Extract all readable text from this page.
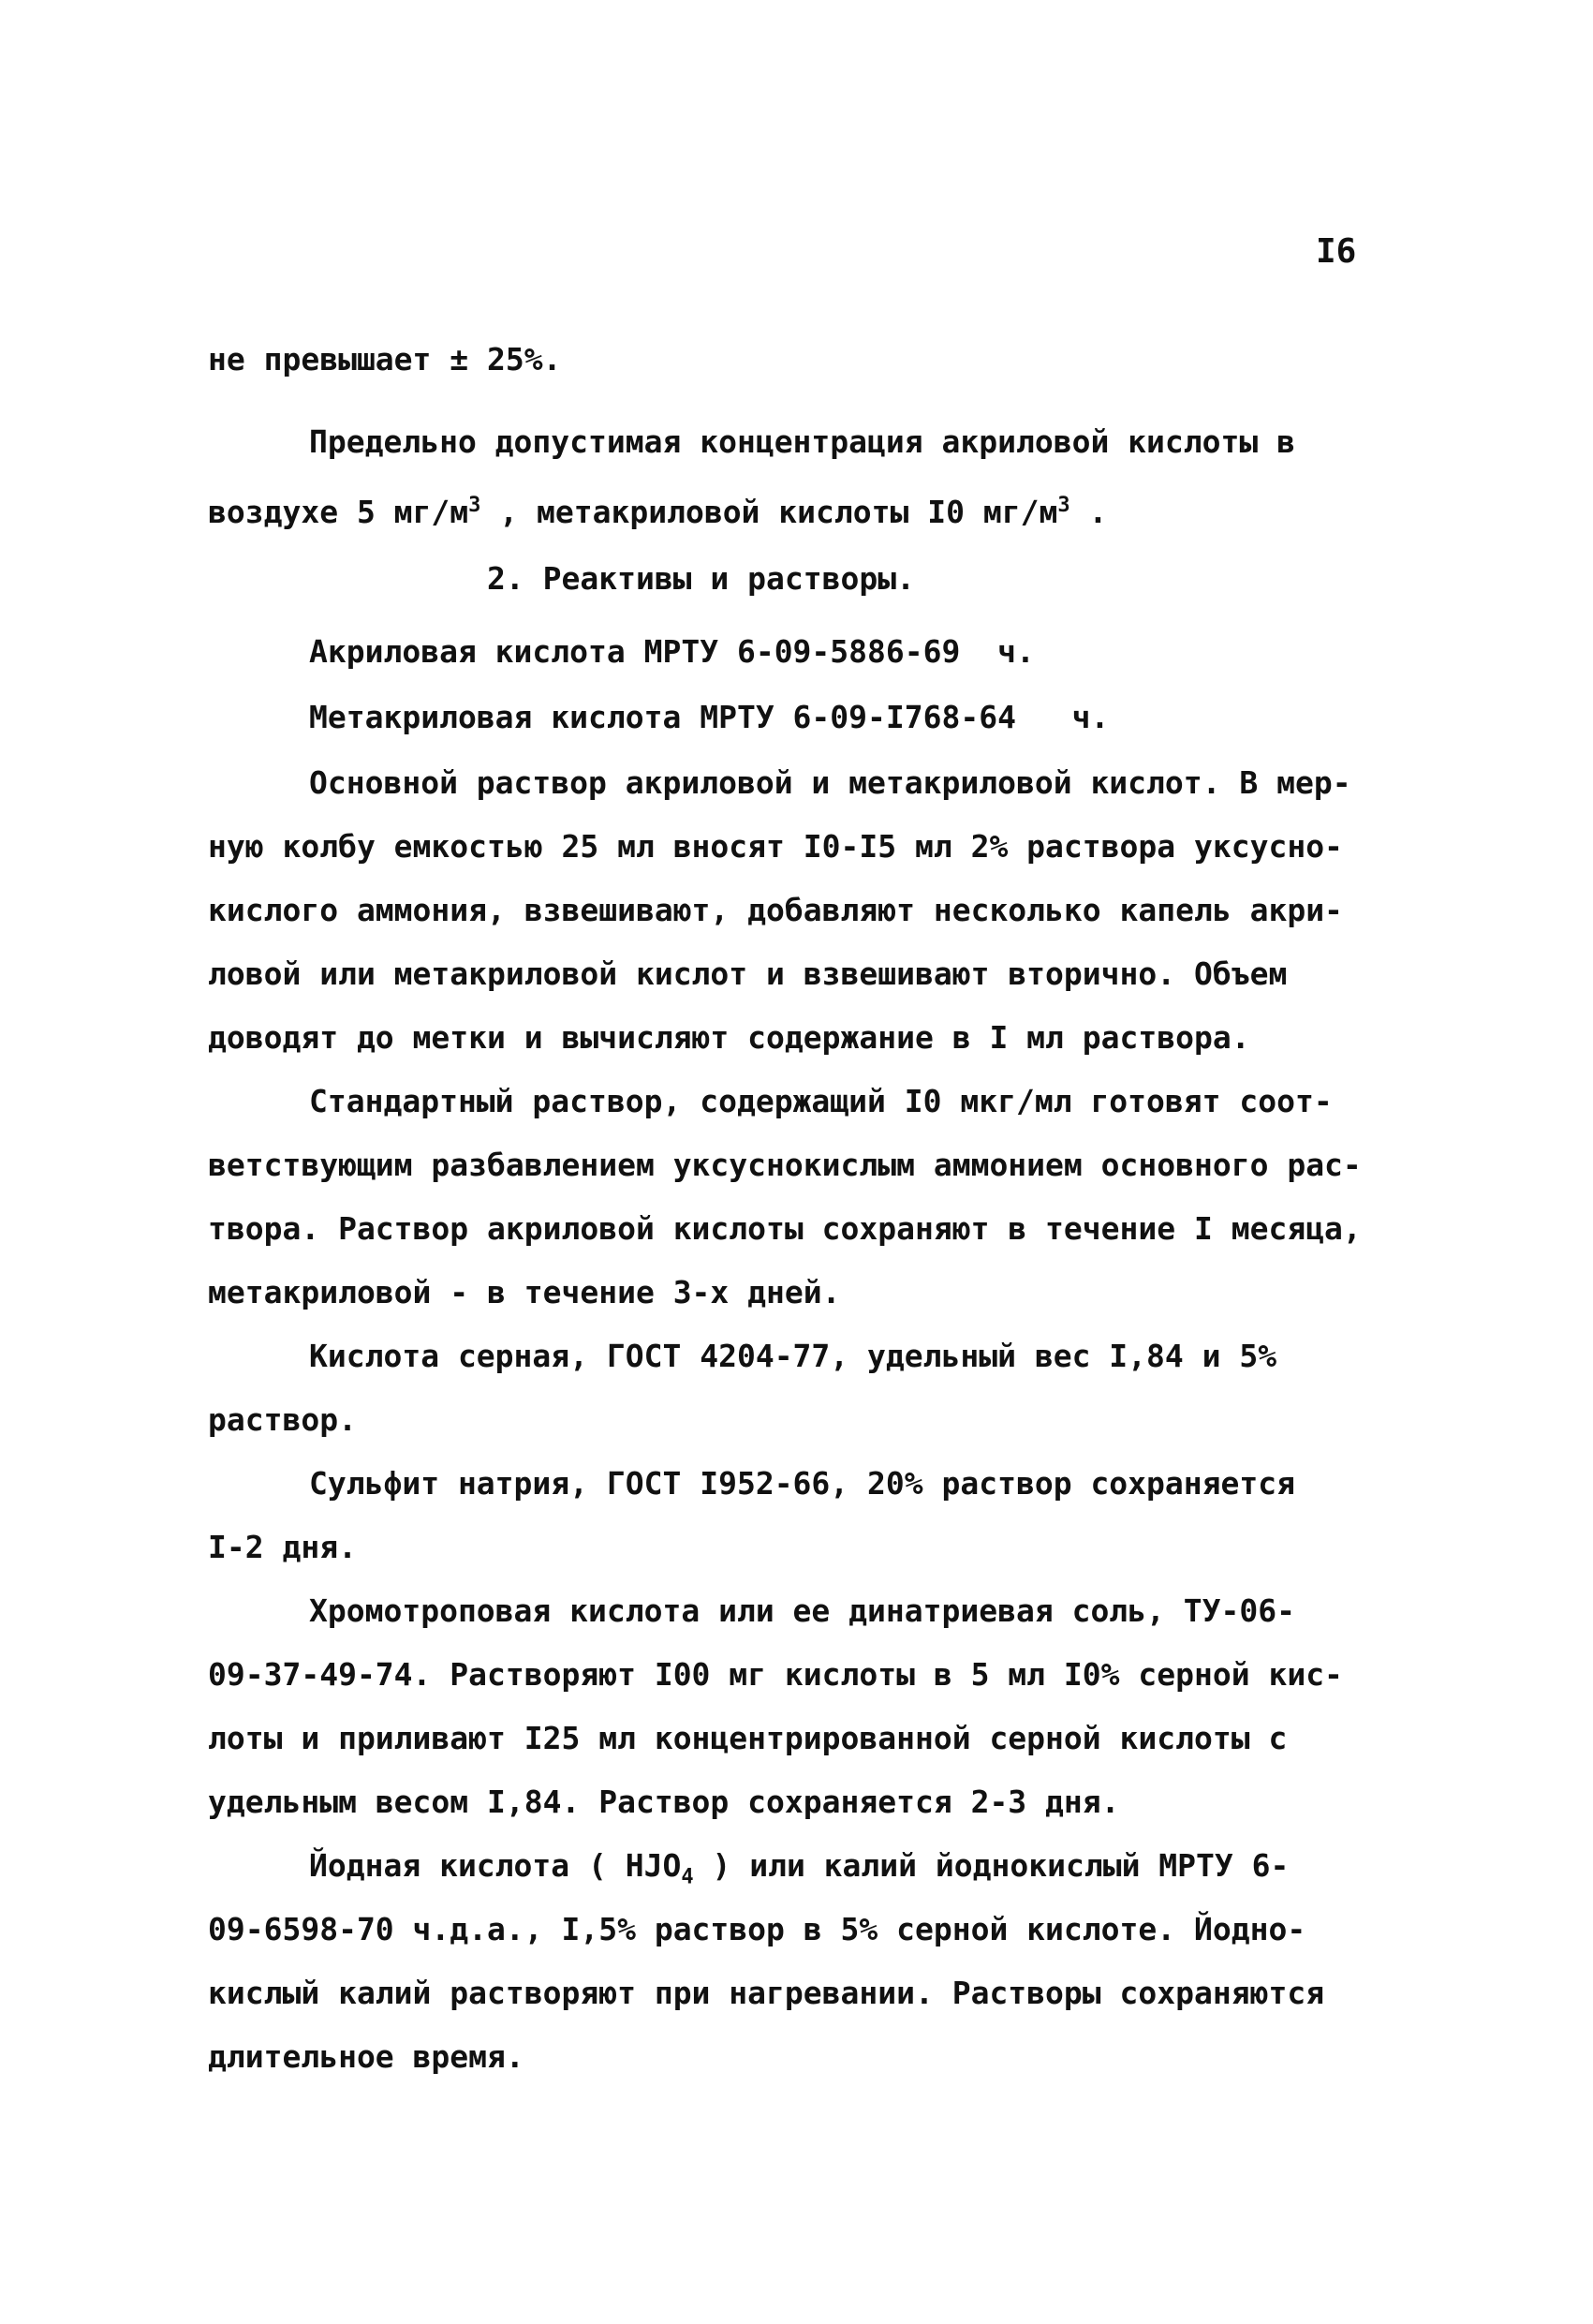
I6
не превышает ± 25%.
Предельно допустимая концентрация акриловой кислоты в
воздухе 5 $мг/м^3$ , метакриловой кислоты I0 $мг/м^3$ .
2. Реактивы и растворы.
Акриловая кислота МРТУ 6-09-5886-69  ч.
Метакриловая кислота МРТУ 6-09-I768-64   ч.
Основной раствор акриловой и метакриловой кислот. В мер-
ную колбу емкостью 25 мл вносят I0-I5 мл 2% раствора уксусно-
кислого аммония, взвешивают, добавляют несколько капель акри-
ловой или метакриловой кислот и взвешивают вторично. Объем
доводят до метки и вычисляют содержание в I мл раствора.
Стандартный раствор, содержащий I0 мкг/мл готовят соот-
ветствующим разбавлением уксуснокислым аммонием основного рас-
твора. Раствор акриловой кислоты сохраняют в течение I месяца,
метакриловой - в течение 3-х дней.
Кислота серная, ГОСТ 4204-77, удельный вес I,84 и 5%
раствор.
Сульфит натрия, ГОСТ I952-66, 20% раствор сохраняется
I-2 дня.
Хромотроповая кислота или ее динатриевая соль, ТУ-06-
09-37-49-74. Растворяют I00 мг кислоты в 5 мл I0% серной кис-
лоты и приливают I25 мл концентрированной серной кислоты с
удельным весом I,84. Раствор сохраняется 2-3 дня.
Йодная кислота ( $НЈО_4$ ) или калий йоднокислый МРТУ 6-
09-6598-70 ч.д.а., I,5% раствор в 5% серной кислоте. Йодно-
кислый калий растворяют при нагревании. Растворы сохраняются
длительное время.
